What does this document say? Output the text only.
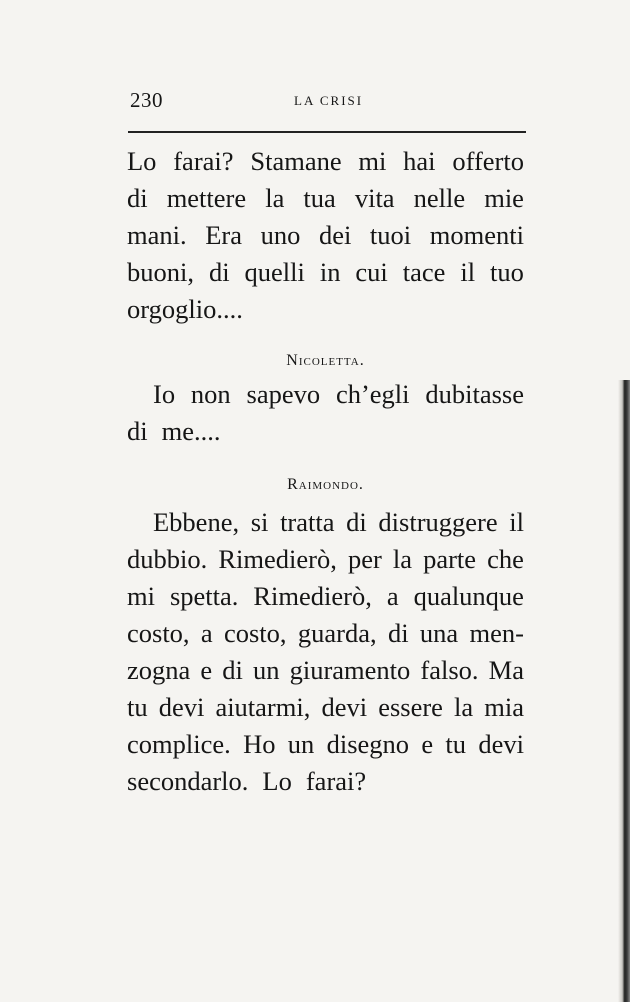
230	LA CRISI
Lo farai? Stamane mi hai offerto
di mettere la tua vita nelle mie
mani. Era uno dei tuoi momenti
buoni, di quelli in cui tace il tuo
orgoglio....
Nicoletta.
Io non sapevo ch’egli dubitasse
di me....
Raimondo.
Ebbene, si tratta di distruggere il
dubbio. Rimedierò, per la parte che
mi spetta. Rimedierò, a qualunque
costo, a costo, guarda, di una men-
zogna e di un giuramento falso. Ma
tu devi aiutarmi, devi essere la mia
complice. Ho un disegno e tu devi
secondarlo. Lo farai?
